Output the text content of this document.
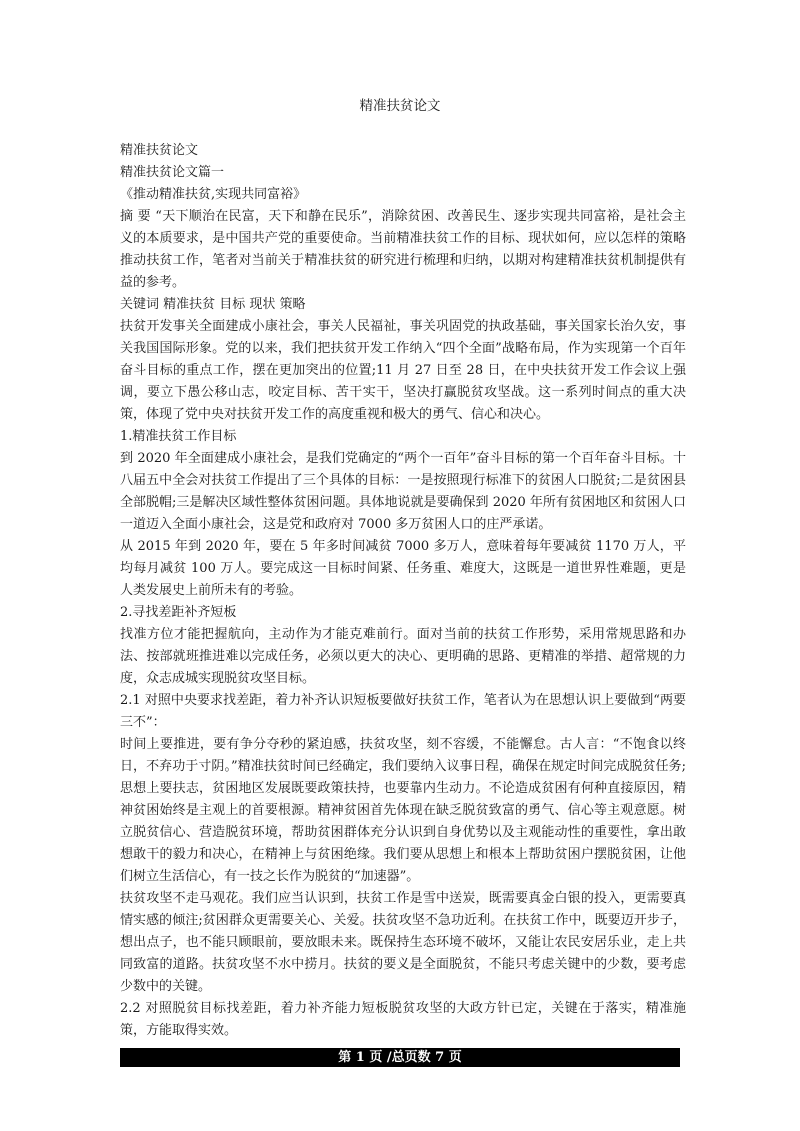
精准扶贫论文

精准扶贫论文

精准扶贫论文篇一

《推动精准扶贫,实现共同富裕》

摘 要 “天下顺治在民富，天下和静在民乐”，消除贫困、改善民生、逐步实现共同富裕，是社会主义的本质要求，是中国共产党的重要使命。当前精准扶贫工作的目标、现状如何，应以怎样的策略推动扶贫工作，笔者对当前关于精准扶贫的研究进行梳理和归纳，以期对构建精准扶贫机制提供有益的参考。

关键词 精准扶贫 目标 现状 策略

扶贫开发事关全面建成小康社会，事关人民福祉，事关巩固党的执政基础，事关国家长治久安，事关我国国际形象。党的以来，我们把扶贫开发工作纳入“四个全面”战略布局，作为实现第一个百年奋斗目标的重点工作，摆在更加突出的位置;11 月 27 日至 28 日，在中央扶贫开发工作会议上强调，要立下愚公移山志，咬定目标、苦干实干，坚决打赢脱贫攻坚战。这一系列时间点的重大决策，体现了党中央对扶贫开发工作的高度重视和极大的勇气、信心和决心。

1.精准扶贫工作目标

到 2020 年全面建成小康社会，是我们党确定的“两个一百年”奋斗目标的第一个百年奋斗目标。十八届五中全会对扶贫工作提出了三个具体的目标：一是按照现行标准下的贫困人口脱贫;二是贫困县全部脱帽;三是解决区域性整体贫困问题。具体地说就是要确保到 2020 年所有贫困地区和贫困人口一道迈入全面小康社会，这是党和政府对 7000 多万贫困人口的庄严承诺。

从 2015 年到 2020 年，要在 5 年多时间减贫 7000 多万人，意味着每年要减贫 1170 万人，平均每月减贫 100 万人。要完成这一目标时间紧、任务重、难度大，这既是一道世界性难题，更是人类发展史上前所未有的考验。

2.寻找差距补齐短板

找准方位才能把握航向，主动作为才能克难前行。面对当前的扶贫工作形势，采用常规思路和办法、按部就班推进难以完成任务，必须以更大的决心、更明确的思路、更精准的举措、超常规的力度，众志成城实现脱贫攻坚目标。

2.1 对照中央要求找差距，着力补齐认识短板要做好扶贫工作，笔者认为在思想认识上要做到“两要三不”：

时间上要推进，要有争分夺秒的紧迫感，扶贫攻坚，刻不容缓，不能懈怠。古人言：“不饱食以终日，不弃功于寸阴。”精准扶贫时间已经确定，我们要纳入议事日程，确保在规定时间完成脱贫任务;思想上要扶志，贫困地区发展既要政策扶持，也要靠内生动力。不论造成贫困有何种直接原因，精神贫困始终是主观上的首要根源。精神贫困首先体现在缺乏脱贫致富的勇气、信心等主观意愿。树立脱贫信心、营造脱贫环境，帮助贫困群体充分认识到自身优势以及主观能动性的重要性，拿出敢想敢干的毅力和决心，在精神上与贫困绝缘。我们要从思想上和根本上帮助贫困户摆脱贫困，让他们树立生活信心，有一技之长作为脱贫的“加速器”。

扶贫攻坚不走马观花。我们应当认识到，扶贫工作是雪中送炭，既需要真金白银的投入，更需要真情实感的倾注;贫困群众更需要关心、关爱。扶贫攻坚不急功近利。在扶贫工作中，既要迈开步子，想出点子，也不能只顾眼前，要放眼未来。既保持生态环境不破坏，又能让农民安居乐业，走上共同致富的道路。扶贫攻坚不水中捞月。扶贫的要义是全面脱贫，不能只考虑关键中的少数，要考虑少数中的关键。

2.2 对照脱贫目标找差距，着力补齐能力短板脱贫攻坚的大政方针已定，关键在于落实，精准施策，方能取得实效。

第 1 页 /总页数 7 页
